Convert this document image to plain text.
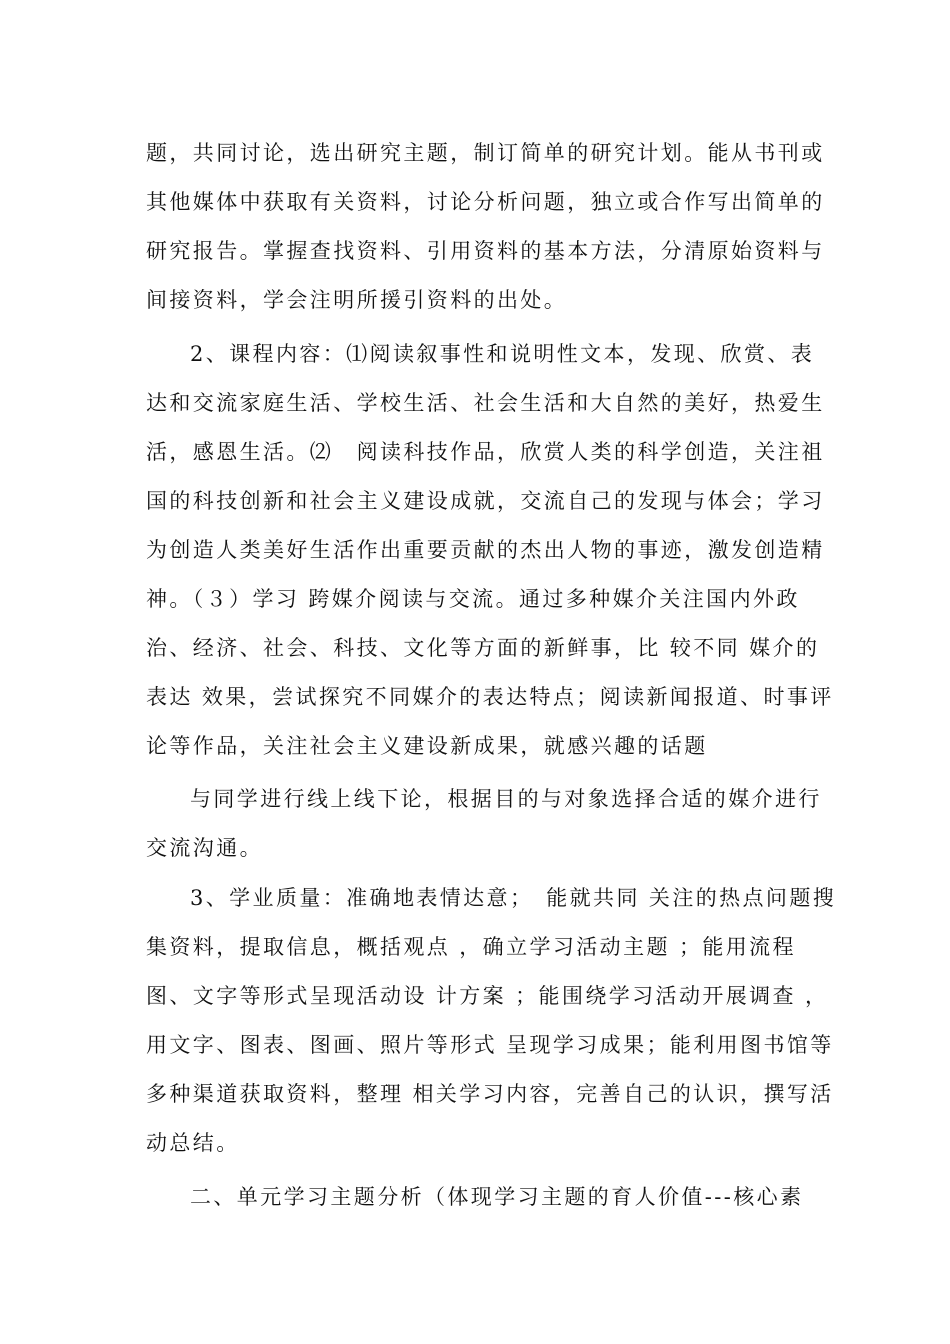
题，共同讨论，选出研究主题，制订简单的研究计划。能从书刊或
其他媒体中获取有关资料，讨论分析问题，独立或合作写出简单的
研究报告。掌握查找资料、引用资料的基本方法，分清原始资料与
间接资料，学会注明所援引资料的出处。
2、课程内容：⑴阅读叙事性和说明性文本，发现、欣赏、表
达和交流家庭生活、学校生活、社会生活和大自然的美好，热爱生
活，感恩生活。⑵　阅读科技作品，欣赏人类的科学创造，关注祖
国的科技创新和社会主义建设成就，交流自己的发现与体会；学习
为创造人类美好生活作出重要贡献的杰出人物的事迹，激发创造精
神。（３）学习 跨媒介阅读与交流。通过多种媒介关注国内外政
治、经济、社会、科技、文化等方面的新鲜事，比 较不同 媒介的
表达 效果，尝试探究不同媒介的表达特点；阅读新闻报道、时事评
论等作品，关注社会主义建设新成果，就感兴趣的话题
与同学进行线上线下论，根据目的与对象选择合适的媒介进行
交流沟通。
3、学业质量：准确地表情达意；　能就共同 关注的热点问题搜
集资料，提取信息，概括观点 ，确立学习活动主题 ；能用流程
图、文字等形式呈现活动设 计方案 ；能围绕学习活动开展调查 ，
用文字、图表、图画、照片等形式 呈现学习成果；能利用图书馆等
多种渠道获取资料，整理 相关学习内容，完善自己的认识，撰写活
动总结。
二、单元学习主题分析（体现学习主题的育人价值---核心素
